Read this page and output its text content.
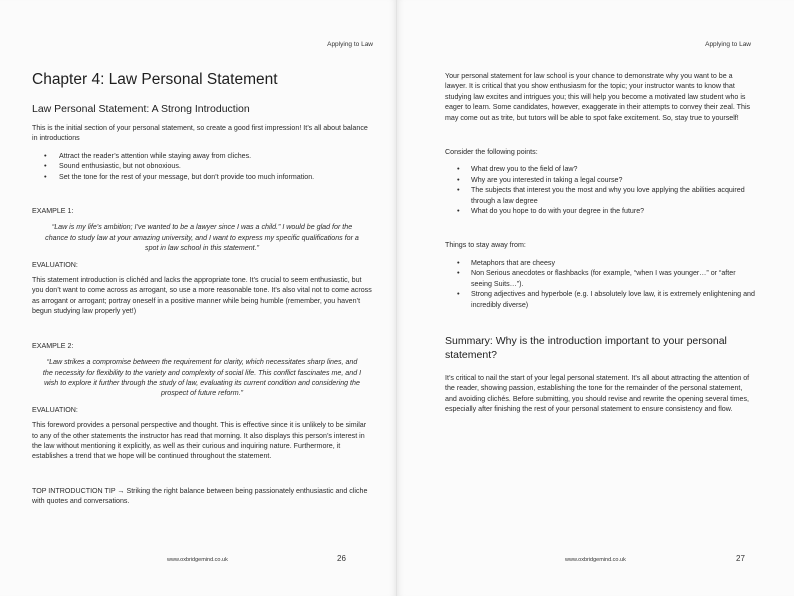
Applying to Law
Chapter 4: Law Personal Statement
Law Personal Statement: A Strong Introduction

This is the initial section of your personal statement, so create a good first impression! It’s all about balance in introductions

• Attract the reader’s attention while staying away from cliches.
• Sound enthusiastic, but not obnoxious.
• Set the tone for the rest of your message, but don’t provide too much information.

EXAMPLE 1:

“Law is my life’s ambition; I’ve wanted to be a lawyer since I was a child.” I would be glad for the chance to study law at your amazing university, and I want to express my specific qualifications for a spot in law school in this statement.”

EVALUATION:

This statement introduction is clichéd and lacks the appropriate tone. It’s crucial to seem enthusiastic, but you don’t want to come across as arrogant, so use a more reasonable tone. It’s also vital not to come across as arrogant or arrogant; portray oneself in a positive manner while being humble (remember, you haven’t begun studying law properly yet!)

EXAMPLE 2:

“Law strikes a compromise between the requirement for clarity, which necessitates sharp lines, and the necessity for flexibility to the variety and complexity of social life. This conflict fascinates me, and I wish to explore it further through the study of law, evaluating its current condition and considering the prospect of future reform.”

EVALUATION:

This foreword provides a personal perspective and thought. This is effective since it is unlikely to be similar to any of the other statements the instructor has read that morning. It also displays this person’s interest in the law without mentioning it explicitly, as well as their curious and inquiring nature. Furthermore, it establishes a trend that we hope will be continued throughout the statement.

TOP INTRODUCTION TIP → Striking the right balance between being passionately enthusiastic and cliche with quotes and conversations.

www.oxbridgemind.co.uk	26
Applying to Law

Your personal statement for law school is your chance to demonstrate why you want to be a lawyer. It is critical that you show enthusiasm for the topic; your instructor wants to know that studying law excites and intrigues you; this will help you become a motivated law student who is eager to learn. Some candidates, however, exaggerate in their attempts to convey their zeal. This may come out as trite, but tutors will be able to spot fake excitement. So, stay true to yourself!

Consider the following points:

• What drew you to the field of law?
• Why are you interested in taking a legal course?
• The subjects that interest you the most and why you love applying the abilities acquired through a law degree
• What do you hope to do with your degree in the future?

Things to stay away from:

• Metaphors that are cheesy
• Non Serious anecdotes or flashbacks (for example, “when I was younger…” or “after seeing Suits…”).
• Strong adjectives and hyperbole (e.g. I absolutely love law, it is extremely enlightening and incredibly diverse)
Summary: Why is the introduction important to your personal statement?

It’s critical to nail the start of your legal personal statement. It’s all about attracting the attention of the reader, showing passion, establishing the tone for the remainder of the personal statement, and avoiding clichés. Before submitting, you should revise and rewrite the opening several times, especially after finishing the rest of your personal statement to ensure consistency and flow.

www.oxbridgemind.co.uk	27
